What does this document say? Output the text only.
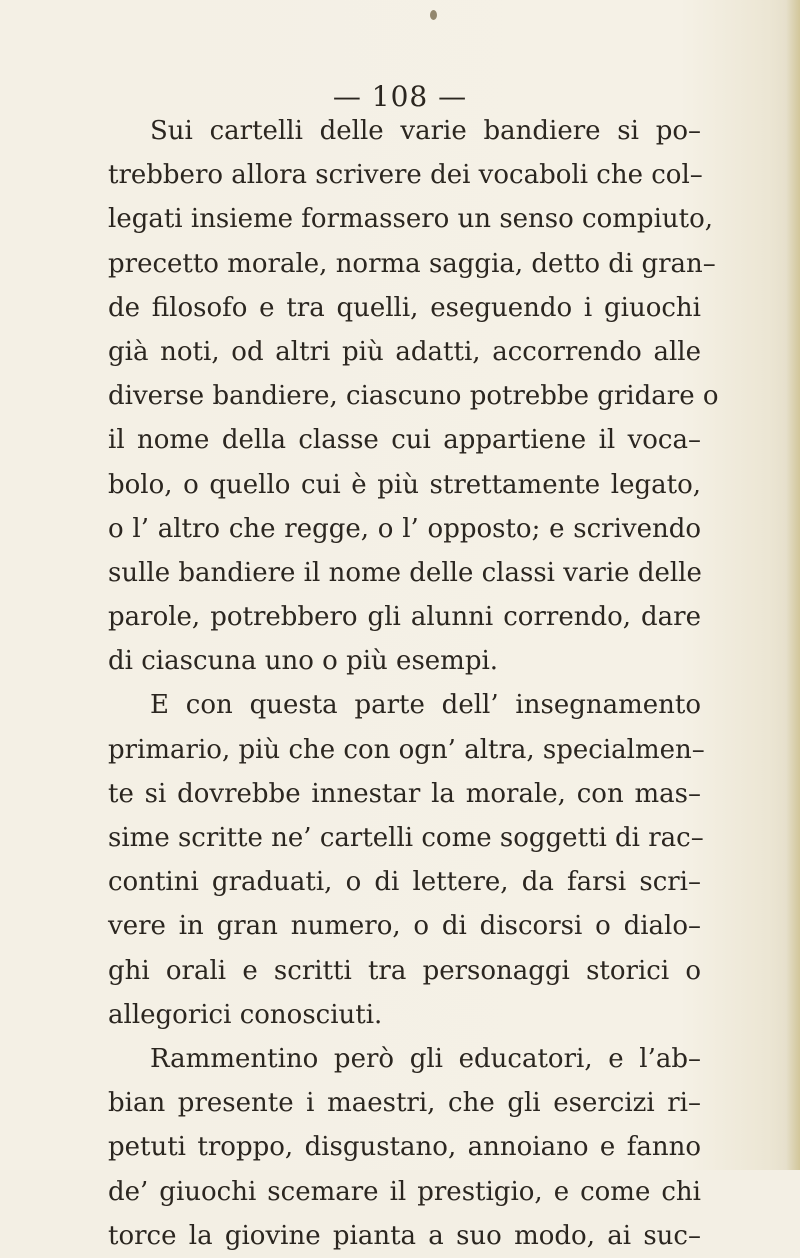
— 108 —
Sui cartelli delle varie bandiere si po–
trebbero allora scrivere dei vocaboli che col–
legati insieme formassero un senso compiuto,
precetto morale, norma saggia, detto di gran–
de filosofo e tra quelli, eseguendo i giuochi
già noti, od altri più adatti, accorrendo alle
diverse bandiere, ciascuno potrebbe gridare o
il nome della classe cui appartiene il voca–
bolo, o quello cui è più strettamente legato,
o l’ altro che regge, o l’ opposto; e scrivendo
sulle bandiere il nome delle classi varie delle
parole, potrebbero gli alunni correndo, dare
di ciascuna uno o più esempi.
E con questa parte dell’ insegnamento
primario, più che con ogn’ altra, specialmen–
te si dovrebbe innestar la morale, con mas–
sime scritte ne’ cartelli come soggetti di rac–
contini graduati, o di lettere, da farsi scri–
vere in gran numero, o di discorsi o dialo–
ghi orali e scritti tra personaggi storici o
allegorici conosciuti.
Rammentino però gli educatori, e l’ab–
bian presente i maestri, che gli esercizi ri–
petuti troppo, disgustano, annoiano e fanno
de’ giuochi scemare il prestigio, e come chi
torce la giovine pianta a suo modo, ai suc–
